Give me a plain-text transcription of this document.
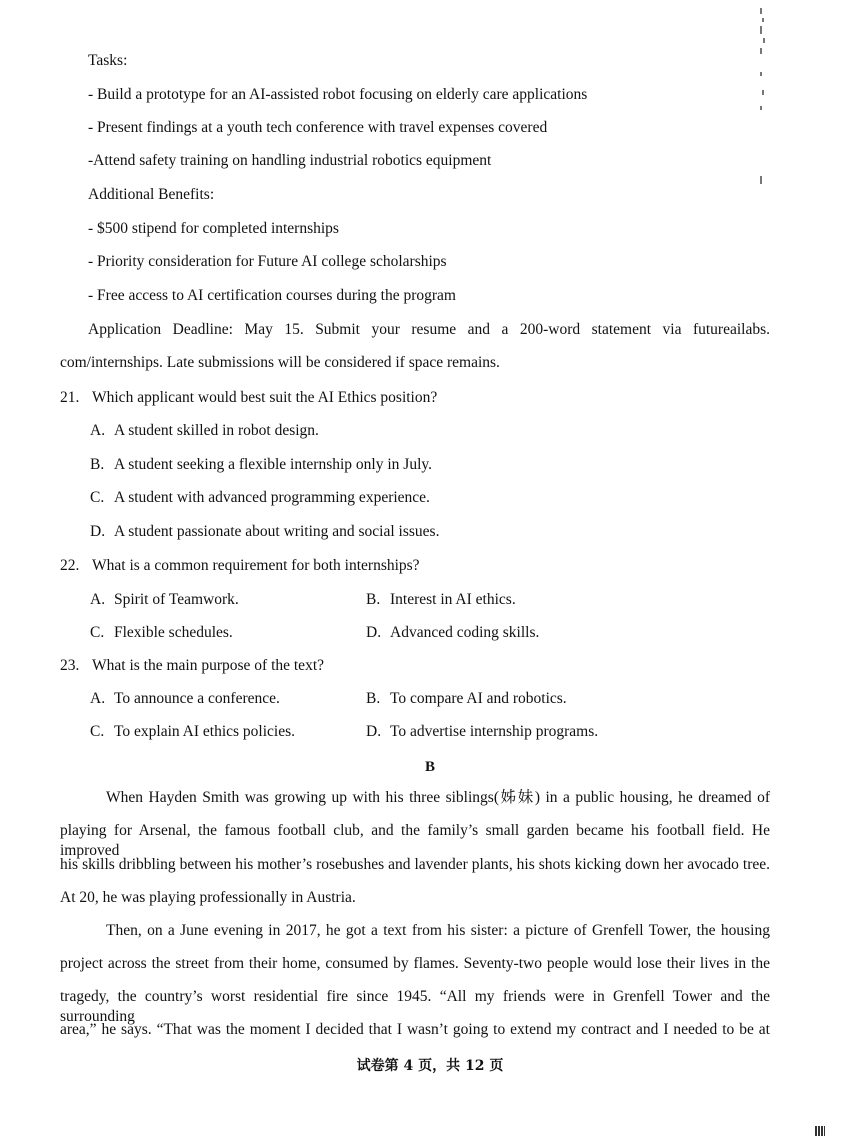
Tasks:
- Build a prototype for an AI-assisted robot focusing on elderly care applications
- Present findings at a youth tech conference with travel expenses covered
-Attend safety training on handling industrial robotics equipment
Additional Benefits:
- $500 stipend for completed internships
- Priority consideration for Future AI college scholarships
- Free access to AI certification courses during the program
Application Deadline: May 15. Submit your resume and a 200-word statement via futureailabs.
com/internships. Late submissions will be considered if space remains.
21. Which applicant would best suit the AI Ethics position?
A. A student skilled in robot design.
B. A student seeking a flexible internship only in July.
C. A student with advanced programming experience.
D. A student passionate about writing and social issues.
22. What is a common requirement for both internships?
A. Spirit of Teamwork.	B. Interest in AI ethics.
C. Flexible schedules.	D. Advanced coding skills.
23. What is the main purpose of the text?
A. To announce a conference.	B. To compare AI and robotics.
C. To explain AI ethics policies.	D. To advertise internship programs.
B
When Hayden Smith was growing up with his three siblings(姊妹) in a public housing, he dreamed of
playing for Arsenal, the famous football club, and the family’s small garden became his football field. He improved
his skills dribbling between his mother’s rosebushes and lavender plants, his shots kicking down her avocado tree.
At 20, he was playing professionally in Austria.
Then, on a June evening in 2017, he got a text from his sister: a picture of Grenfell Tower, the housing
project across the street from their home, consumed by flames. Seventy-two people would lose their lives in the
tragedy, the country’s worst residential fire since 1945. “All my friends were in Grenfell Tower and the surrounding
area,” he says. “That was the moment I decided that I wasn’t going to extend my contract and I needed to be at
试卷第 4 页，共 12 页
